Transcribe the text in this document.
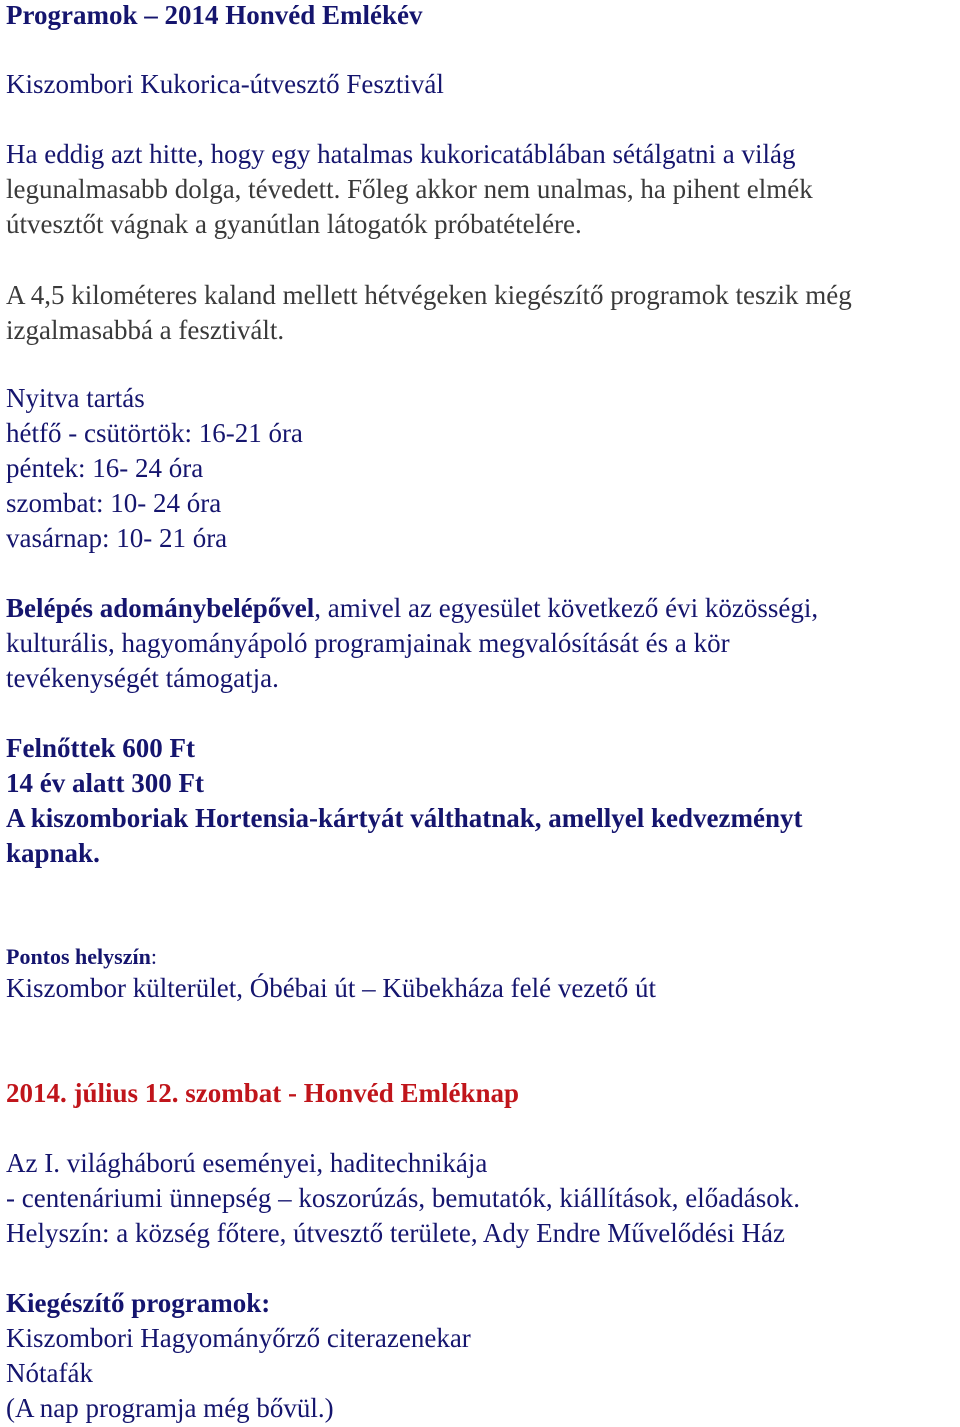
Programok – 2014 Honvéd Emlékév
Kiszombori Kukorica-útvesztő Fesztivál
Ha eddig azt hitte, hogy egy hatalmas kukoricatáblában sétálgatni a világ
legunalmasabb dolga, tévedett. Főleg akkor nem unalmas, ha pihent elmék
útvesztőt vágnak a gyanútlan látogatók próbatételére.
A 4,5 kilométeres kaland mellett hétvégeken kiegészítő programok teszik még
izgalmasabbá a fesztivált.
Nyitva tartás
hétfő - csütörtök: 16-21 óra
péntek: 16- 24 óra
szombat: 10- 24 óra
vasárnap: 10- 21 óra
Belépés adománybelépővel, amivel az egyesület következő évi közösségi,
kulturális, hagyományápoló programjainak megvalósítását és a kör
tevékenységét támogatja.
Felnőttek 600 Ft
14 év alatt 300 Ft
A kiszomboriak Hortensia-kártyát válthatnak, amellyel kedvezményt
kapnak.
Pontos helyszín:
Kiszombor külterület, Óbébai út – Kübekháza felé vezető út
2014. július 12. szombat - Honvéd Emléknap
Az I. világháború eseményei, haditechnikája
- centenáriumi ünnepség – koszorúzás, bemutatók, kiállítások, előadások.
Helyszín: a község főtere, útvesztő területe, Ady Endre Művelődési Ház
Kiegészítő programok:
Kiszombori Hagyományőrző citerazenekar
Nótafák
(A nap programja még bővül.)
